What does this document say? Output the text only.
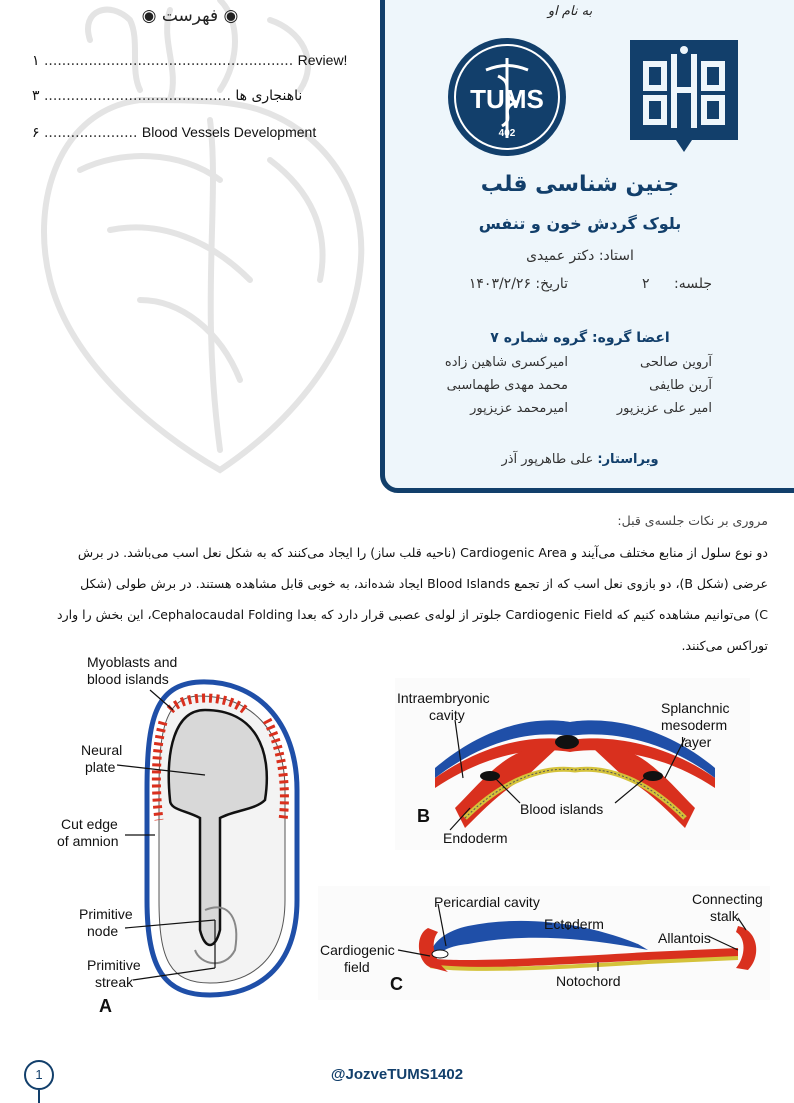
◉ فهرست ◉
۱ ........................................................ Review!
۳ .......................................... ناهنجاری ها
۶ ..................... Blood Vessels Development
به نام او
TUMS
402
جنین شناسی قلب
بلوک گردش خون و تنفس
استاد: دکتر عمیدی
جلسه: ۲
تاریخ: ۱۴۰۳/۲/۲۶
اعضا گروه: گروه شماره ۷
آروین صالحی
امیرکسری شاهین زاده
آرین طایفی
محمد مهدی طهماسبی
امیر علی عزیزپور
امیرمحمد عزیزپور
ویراستار: علی طاهرپور آذر
مروری بر نکات جلسه‌ی قبل:
دو نوع سلول از منابع مختلف می‌آیند و Cardiogenic Area (ناحیه قلب ساز) را ایجاد می‌کنند که به شکل نعل اسب می‌باشد. در برش
عرضی (شکل B)، دو بازوی نعل اسب که از تجمع Blood Islands ایجاد شده‌اند، به خوبی قابل مشاهده هستند. در برش طولی (شکل
C) می‌توانیم مشاهده کنیم که Cardiogenic Field جلوتر از لوله‌ی عصبی قرار دارد که بعدا Cephalocaudal Folding، این بخش را وارد
توراکس می‌کنند.
Myoblasts and
blood islands
Neural
plate
Cut edge
of amnion
Primitive
node
Primitive
streak
A
Intraembryonic
cavity	Splanchnic
mesoderm
layer
Blood islands
Endoderm
B
Pericardial cavity
Ectoderm
Connecting
stalk
Allantois
Cardiogenic
field
Notochord
C
1	@JozveTUMS1402
